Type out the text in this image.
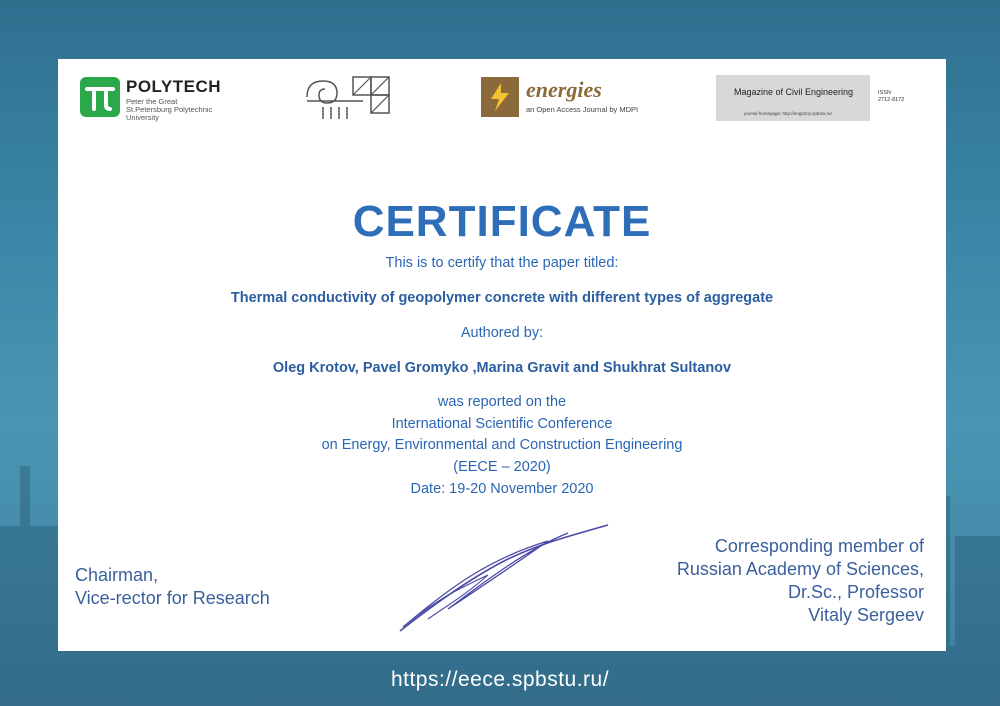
POLYTECH
Peter the Great
St.Petersburg Polytechnic
University
energies
an Open Access Journal by MDPI
Magazine of Civil Engineering
journal homepage: http://engstroy.spbstu.ru/
ISSN
2712-8172
CERTIFICATE
This is to certify that the paper titled:
Thermal conductivity of geopolymer concrete with different types of aggregate
Authored by:
Oleg Krotov, Pavel Gromyko ,Marina Gravit and Shukhrat Sultanov
was reported on the
International Scientific Conference
on Energy, Environmental and Construction Engineering
(EECE – 2020)
Date: 19-20 November 2020
Chairman,
Vice-rector for Research
Corresponding member of
Russian Academy of Sciences,
Dr.Sc., Professor
Vitaly Sergeev
https://eece.spbstu.ru/
